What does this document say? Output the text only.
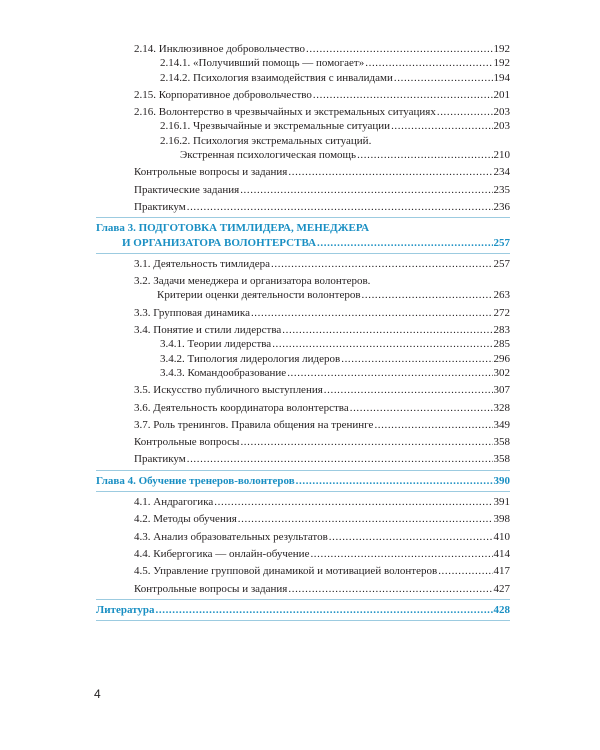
2.14. Инклюзивное добровольчество .....	192
2.14.1. «Получивший помощь — помогает» .....	192
2.14.2. Психология взаимодействия с инвалидами .....	194
2.15. Корпоративное добровольчество .....	201
2.16. Волонтерство в чрезвычайных и экстремальных ситуациях .....	203
2.16.1. Чрезвычайные и экстремальные ситуации .....	203
2.16.2. Психология экстремальных ситуаций.
Экстренная психологическая помощь .....	210
Контрольные вопросы и задания .....	234
Практические задания .....	235
Практикум .....	236
Глава 3. ПОДГОТОВКА ТИМЛИДЕРА, МЕНЕДЖЕРА
И ОРГАНИЗАТОРА ВОЛОНТЕРСТВА .....	257
3.1. Деятельность тимлидера .....	257
3.2. Задачи менеджера и организатора волонтеров.
Критерии оценки деятельности волонтеров .....	263
3.3. Групповая динамика .....	272
3.4. Понятие и стили лидерства .....	283
3.4.1. Теории лидерства .....	285
3.4.2. Типология лидерология лидеров .....	296
3.4.3. Командообразование .....	302
3.5. Искусство публичного выступления .....	307
3.6. Деятельность координатора волонтерства .....	328
3.7. Роль тренингов. Правила общения на тренинге .....	349
Контрольные вопросы .....	358
Практикум .....	358
Глава 4. Обучение тренеров-волонтеров .....	390
4.1. Андрагогика .....	391
4.2. Методы обучения .....	398
4.3. Анализ образовательных результатов .....	410
4.4. Кибергогика — онлайн-обучение .....	414
4.5. Управление групповой динамикой и мотивацией волонтеров .....	417
Контрольные вопросы и задания .....	427
Литература .....	428
4
